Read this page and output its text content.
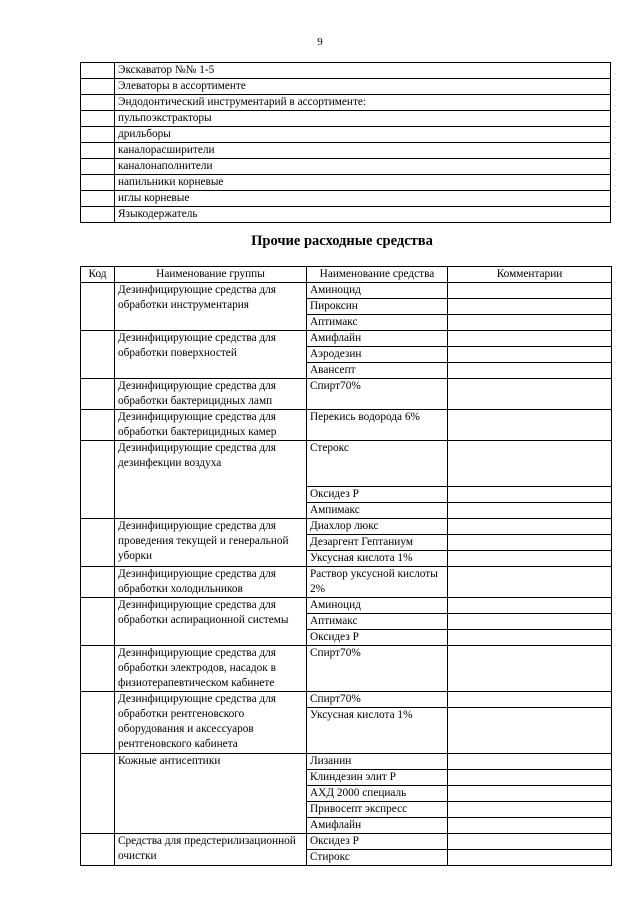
9
	Экскаватор №№ 1-5
	Элеваторы в ассортименте
	Эндодонтический инструментарий в ассортименте:
	пульпоэкстракторы
	дрильборы
	каналорасширители
	каналонаполнители
	напильники корневые
	иглы корневые
	Языкодержатель
Прочие расходные средства
Код	Наименование группы	Наименование средства	Комментарии
	Дезинфицирующие средства для обработки инструментария	Аминоцид	
		Пироксин	
		Аптимакс	
	Дезинфицирующие средства для обработки поверхностей	Амифлайн	
		Аэродезин	
		Авансепт	
	Дезинфицирующие средства для обработки бактерицидных ламп	Спирт70%	
	Дезинфицирующие средства для обработки бактерицидных камер	Перекись водорода 6%	
	Дезинфицирующие средства для дезинфекции воздуха	Стерокс	
		Оксидез Р	
		Ампимакс	
	Дезинфицирующие средства для проведения текущей и генеральной уборки	Диахлор люкс	
		Дезаргент Гептаниум	
		Уксусная кислота 1%	
	Дезинфицирующие средства для обработки холодильников	Раствор уксусной кислоты 2%	
	Дезинфицирующие средства для обработки аспирационной системы	Аминоцид	
		Аптимакс	
		Оксидез Р	
	Дезинфицирующие средства для обработки электродов, насадок в физиотерапевтическом кабинете	Спирт70%	
	Дезинфицирующие средства для обработки рентгеновского оборудования и аксессуаров рентгеновского кабинета	Спирт70%	
		Уксусная кислота 1%	
	Кожные антисептики	Лизанин	
		Клиндезин элит Р	
		АХД 2000 специаль	
		Привосепт экспресс	
		Амифлайн	
	Средства для предстерилизационной очистки	Оксидез Р	
		Стирокс	
